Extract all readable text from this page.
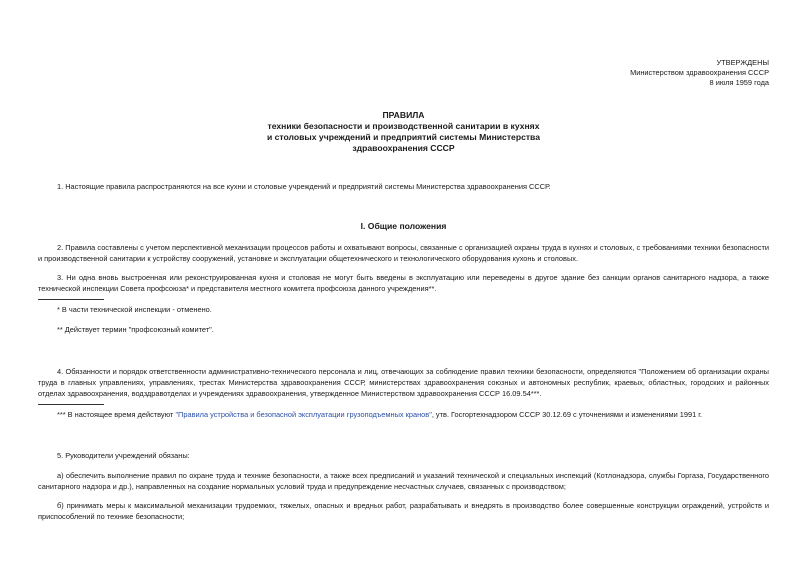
УТВЕРЖДЕНЫ
Министерством здравоохранения СССР
8 июля 1959 года
ПРАВИЛА
техники безопасности и производственной санитарии в кухнях
и столовых учреждений и предприятий системы Министерства
здравоохранения СССР
1. Настоящие правила распространяются на все кухни и столовые учреждений и предприятий системы Министерства здравоохранения СССР.
I. Общие положения
2. Правила составлены с учетом перспективной механизации процессов работы и охватывают вопросы, связанные с организацией охраны труда в кухнях и столовых, с требованиями техники безопасности и производственной санитарии к устройству сооружений, установке и эксплуатации общетехнического и технологического оборудования кухонь и столовых.
3. Ни одна вновь выстроенная или реконструированная кухня и столовая не могут быть введены в эксплуатацию или переведены в другое здание без санкции органов санитарного надзора, а также технической инспекции Совета профсоюза* и представителя местного комитета профсоюза данного учреждения**.
* В части технической инспекции - отменено.
** Действует термин "профсоюзный комитет".
4. Обязанности и порядок ответственности административно-технического персонала и лиц, отвечающих за соблюдение правил техники безопасности, определяются "Положением об организации охраны труда в главных управлениях, управлениях, трестах Министерства здравоохранения СССР, министерствах здравоохранения союзных и автономных республик, краевых, областных, городских и районных отделах здравоохранения, водздравотделах и учреждениях здравоохранения, утвержденное Министерством здравоохранения СССР 16.09.54***.
*** В настоящее время действуют "Правила устройства и безопасной эксплуатации грузоподъемных кранов", утв. Госгортехнадзором СССР 30.12.69 с уточнениями и изменениями 1991 г.
5. Руководители учреждений обязаны:
а) обеспечить выполнение правил по охране труда и технике безопасности, а также всех предписаний и указаний технической и специальных инспекций (Котлонадзора, службы Горгаза, Государственного санитарного надзора и др.), направленных на создание нормальных условий труда и предупреждение несчастных случаев, связанных с производством;
б) принимать меры к максимальной механизации трудоемких, тяжелых, опасных и вредных работ, разрабатывать и внедрять в производство более совершенные конструкции ограждений, устройств и приспособлений по технике безопасности;
